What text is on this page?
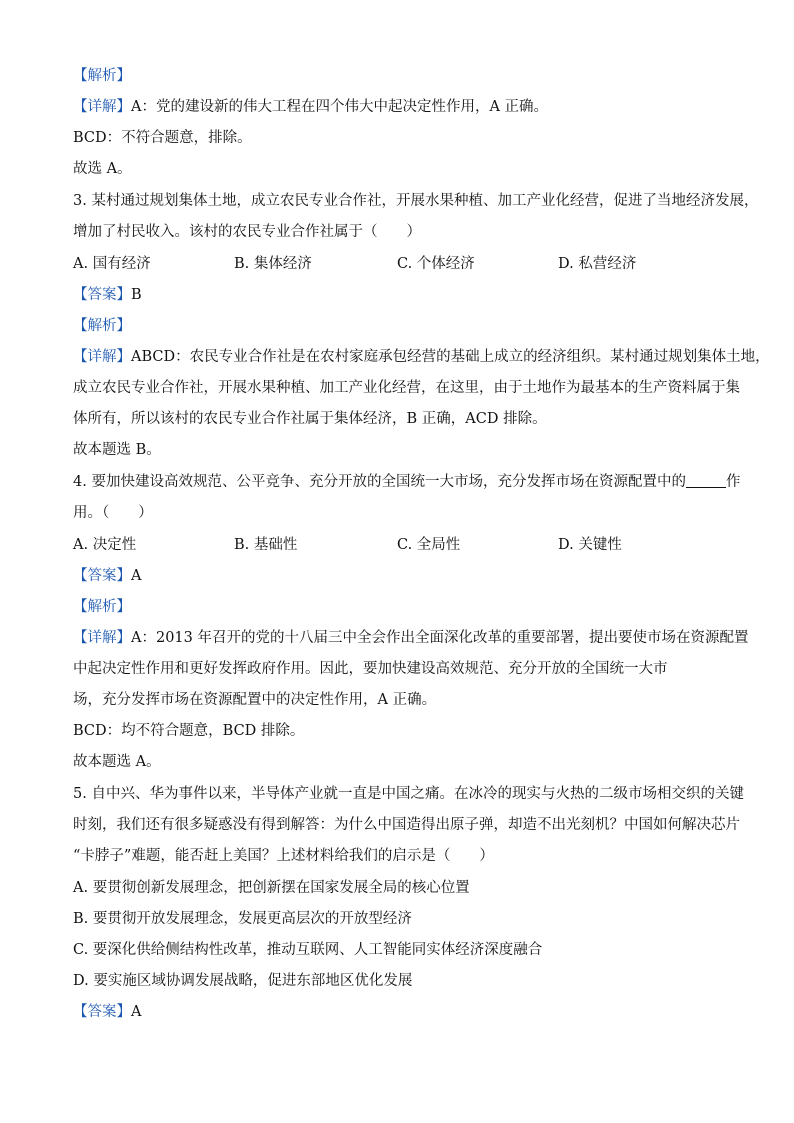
【解析】
【详解】A：党的建设新的伟大工程在四个伟大中起决定性作用，A 正确。
BCD：不符合题意，排除。
故选 A。
3. 某村通过规划集体土地，成立农民专业合作社，开展水果种植、加工产业化经营，促进了当地经济发展，
增加了村民收入。该村的农民专业合作社属于（　　）
A. 国有经济	B. 集体经济	C. 个体经济	D. 私营经济
【答案】B
【解析】
【详解】ABCD：农民专业合作社是在农村家庭承包经营的基础上成立的经济组织。某村通过规划集体土地，
成立农民专业合作社，开展水果种植、加工产业化经营，在这里，由于土地作为最基本的生产资料属于集
体所有，所以该村的农民专业合作社属于集体经济，B 正确，ACD 排除。
故本题选 B。
4. 要加快建设高效规范、公平竞争、充分开放的全国统一大市场，充分发挥市场在资源配置中的	作
用。（　　）
A. 决定性	B. 基础性	C. 全局性	D. 关键性
【答案】A
【解析】
【详解】A：2013 年召开的党的十八届三中全会作出全面深化改革的重要部署，提出要使市场在资源配置
中起决定性作用和更好发挥政府作用。因此，要加快建设高效规范、充分开放的全国统一大市
场，充分发挥市场在资源配置中的决定性作用，A 正确。
BCD：均不符合题意，BCD 排除。
故本题选 A。
5. 自中兴、华为事件以来，半导体产业就一直是中国之痛。在冰冷的现实与火热的二级市场相交织的关键
时刻，我们还有很多疑惑没有得到解答：为什么中国造得出原子弹，却造不出光刻机？中国如何解决芯片
“卡脖子”难题，能否赶上美国？上述材料给我们的启示是（　　）
A. 要贯彻创新发展理念，把创新摆在国家发展全局的核心位置
B. 要贯彻开放发展理念，发展更高层次的开放型经济
C. 要深化供给侧结构性改革，推动互联网、人工智能同实体经济深度融合
D. 要实施区域协调发展战略，促进东部地区优化发展
【答案】A
